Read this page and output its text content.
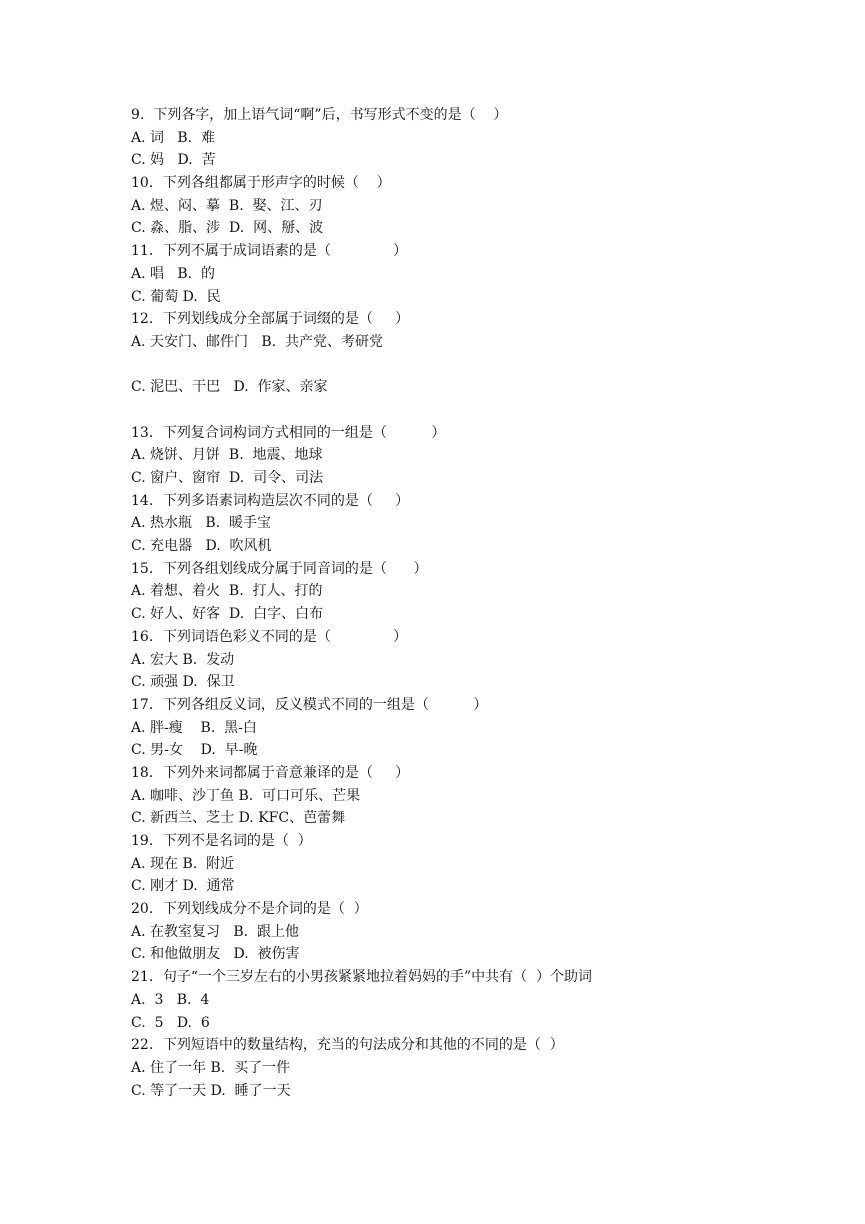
9.  下列各字，加上语气词“啊”后，书写形式不变的是（    ）
A. 词   B.  难
C. 妈   D.  苦
10．下列各组都属于形声字的时候（    ）
A. 煜、闷、摹  B.  娶、江、刃
C. 淼、脂、涉  D.  网、掰、波
11．下列不属于成词语素的是（              ）
A. 唱   B.  的
C. 葡萄 D.  民
12．下列划线成分全部属于词缀的是（     ）
A. 天安门、邮件门   B.  共产党、考研党
C. 泥巴、干巴   D.  作家、亲家
13．下列复合词构词方式相同的一组是（          ）
A. 烧饼、月饼  B.  地震、地球
C. 窗户、窗帘  D.  司令、司法
14．下列多语素词构造层次不同的是（     ）
A. 热水瓶   B.  暖手宝
C. 充电器   D.  吹风机
15．下列各组划线成分属于同音词的是（      ）
A. 着想、着火  B.  打人、打的
C. 好人、好客  D.  白字、白布
16．下列词语色彩义不同的是（              ）
A. 宏大 B.  发动
C. 顽强 D.  保卫
17．下列各组反义词，反义模式不同的一组是（          ）
A. 胖-瘦    B.  黑-白
C. 男-女    D.  早-晚
18．下列外来词都属于音意兼译的是（     ）
A. 咖啡、沙丁鱼 B.  可口可乐、芒果
C. 新西兰、芝士 D. KFC、芭蕾舞
19．下列不是名词的是（  ）
A. 现在 B.  附近
C. 刚才 D.  通常
20．下列划线成分不是介词的是（  ）
A. 在教室复习   B.  跟上他
C. 和他做朋友   D.  被伤害
21．句子“一个三岁左右的小男孩紧紧地拉着妈妈的手”中共有（  ）个助词
A.  3   B.  4
C.  5   D.  6
22．下列短语中的数量结构，充当的句法成分和其他的不同的是（  ）
A. 住了一年 B.  买了一件
C. 等了一天 D.  睡了一天
